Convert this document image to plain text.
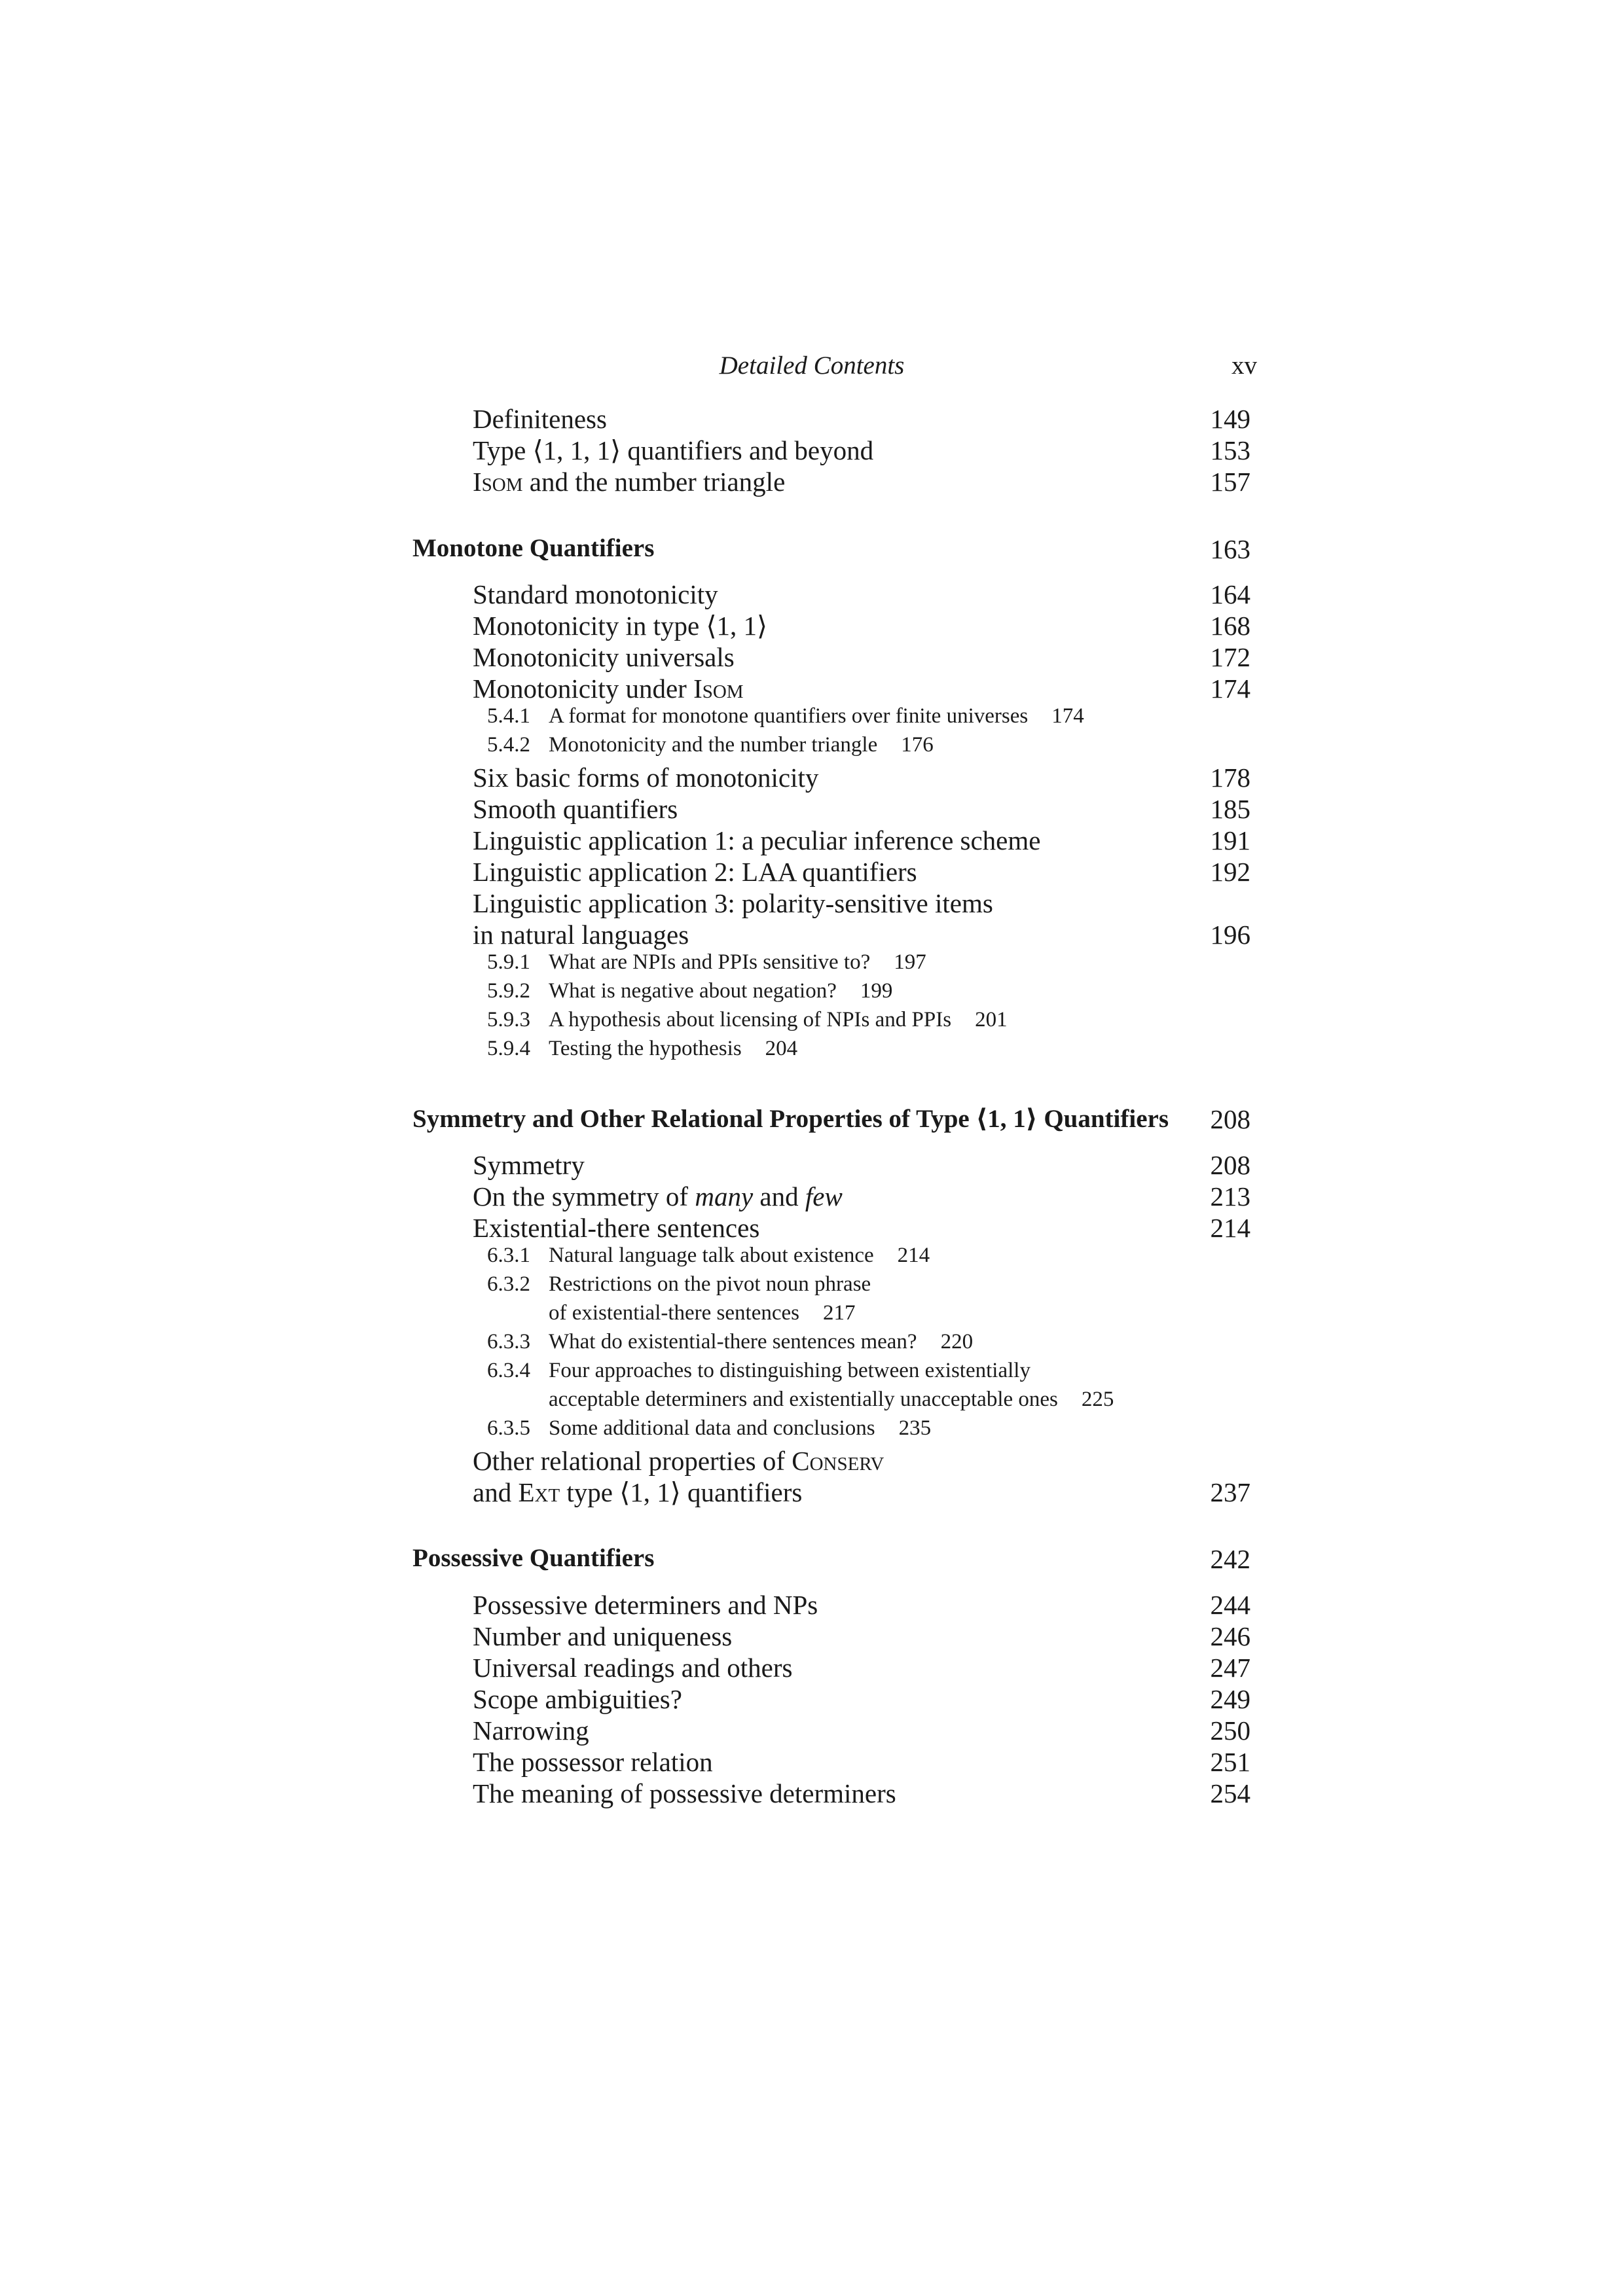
Detailed Contents	xv
Definiteness	149
Type ⟨1, 1, 1⟩ quantifiers and beyond	153
Isom and the number triangle	157
Monotone Quantifiers	163
Standard monotonicity	164
Monotonicity in type ⟨1, 1⟩	168
Monotonicity universals	172
Monotonicity under Isom	174
5.4.1 A format for monotone quantifiers over finite universes 174
5.4.2 Monotonicity and the number triangle 176
Six basic forms of monotonicity	178
Smooth quantifiers	185
Linguistic application 1: a peculiar inference scheme	191
Linguistic application 2: LAA quantifiers	192
Linguistic application 3: polarity-sensitive items
in natural languages	196
5.9.1 What are NPIs and PPIs sensitive to? 197
5.9.2 What is negative about negation? 199
5.9.3 A hypothesis about licensing of NPIs and PPIs 201
5.9.4 Testing the hypothesis 204
Symmetry and Other Relational Properties of Type ⟨1, 1⟩ Quantifiers	208
Symmetry	208
On the symmetry of many and few	213
Existential-there sentences	214
6.3.1 Natural language talk about existence 214
6.3.2 Restrictions on the pivot noun phrase
of existential-there sentences 217
6.3.3 What do existential-there sentences mean? 220
6.3.4 Four approaches to distinguishing between existentially
acceptable determiners and existentially unacceptable ones 225
6.3.5 Some additional data and conclusions 235
Other relational properties of Conserv
and Ext type ⟨1, 1⟩ quantifiers	237
Possessive Quantifiers	242
Possessive determiners and NPs	244
Number and uniqueness	246
Universal readings and others	247
Scope ambiguities?	249
Narrowing	250
The possessor relation	251
The meaning of possessive determiners	254
